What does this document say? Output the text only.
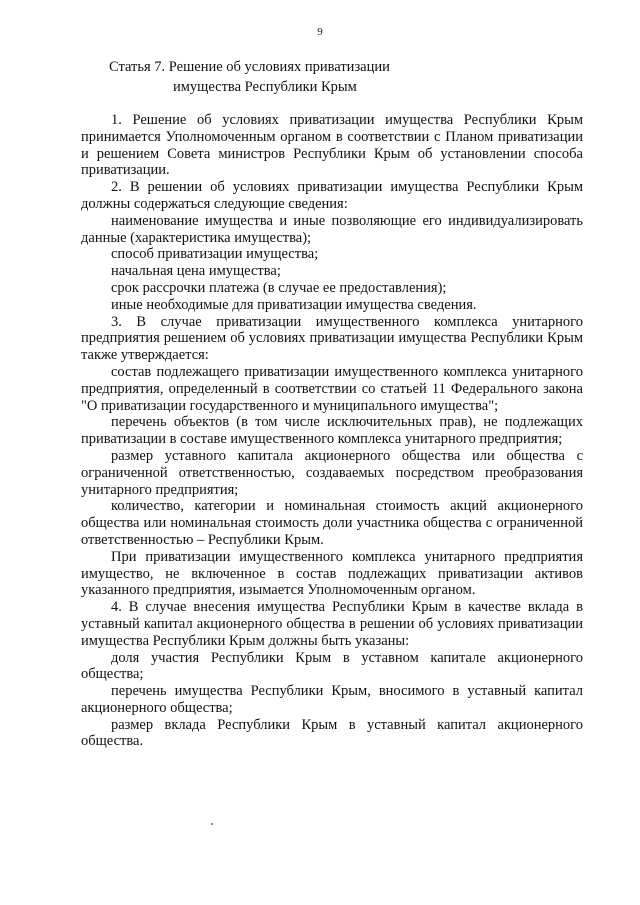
9
Статья 7. Решение об условиях приватизации
имущества Республики Крым

1. Решение об условиях приватизации имущества Республики Крым принимается Уполномоченным органом в соответствии с Планом приватизации и решением Совета министров Республики Крым об установлении способа приватизации.

2. В решении об условиях приватизации имущества Республики Крым должны содержаться следующие сведения:

наименование имущества и иные позволяющие его индивидуализировать данные (характеристика имущества);

способ приватизации имущества;

начальная цена имущества;

срок рассрочки платежа (в случае ее предоставления);

иные необходимые для приватизации имущества сведения.

3. В случае приватизации имущественного комплекса унитарного предприятия решением об условиях приватизации имущества Республики Крым также утверждается:

состав подлежащего приватизации имущественного комплекса унитарного предприятия, определенный в соответствии со статьей 11 Федерального закона "О приватизации государственного и муниципального имущества";

перечень объектов (в том числе исключительных прав), не подлежащих приватизации в составе имущественного комплекса унитарного предприятия;

размер уставного капитала акционерного общества или общества с ограниченной ответственностью, создаваемых посредством преобразования унитарного предприятия;

количество, категории и номинальная стоимость акций акционерного общества или номинальная стоимость доли участника общества с ограниченной ответственностью – Республики Крым.

При приватизации имущественного комплекса унитарного предприятия имущество, не включенное в состав подлежащих приватизации активов указанного предприятия, изымается Уполномоченным органом.

4. В случае внесения имущества Республики Крым в качестве вклада в уставный капитал акционерного общества в решении об условиях приватизации имущества Республики Крым должны быть указаны:

доля участия Республики Крым в уставном капитале акционерного общества;

перечень имущества Республики Крым, вносимого в уставный капитал акционерного общества;

размер вклада Республики Крым в уставный капитал акционерного общества.
